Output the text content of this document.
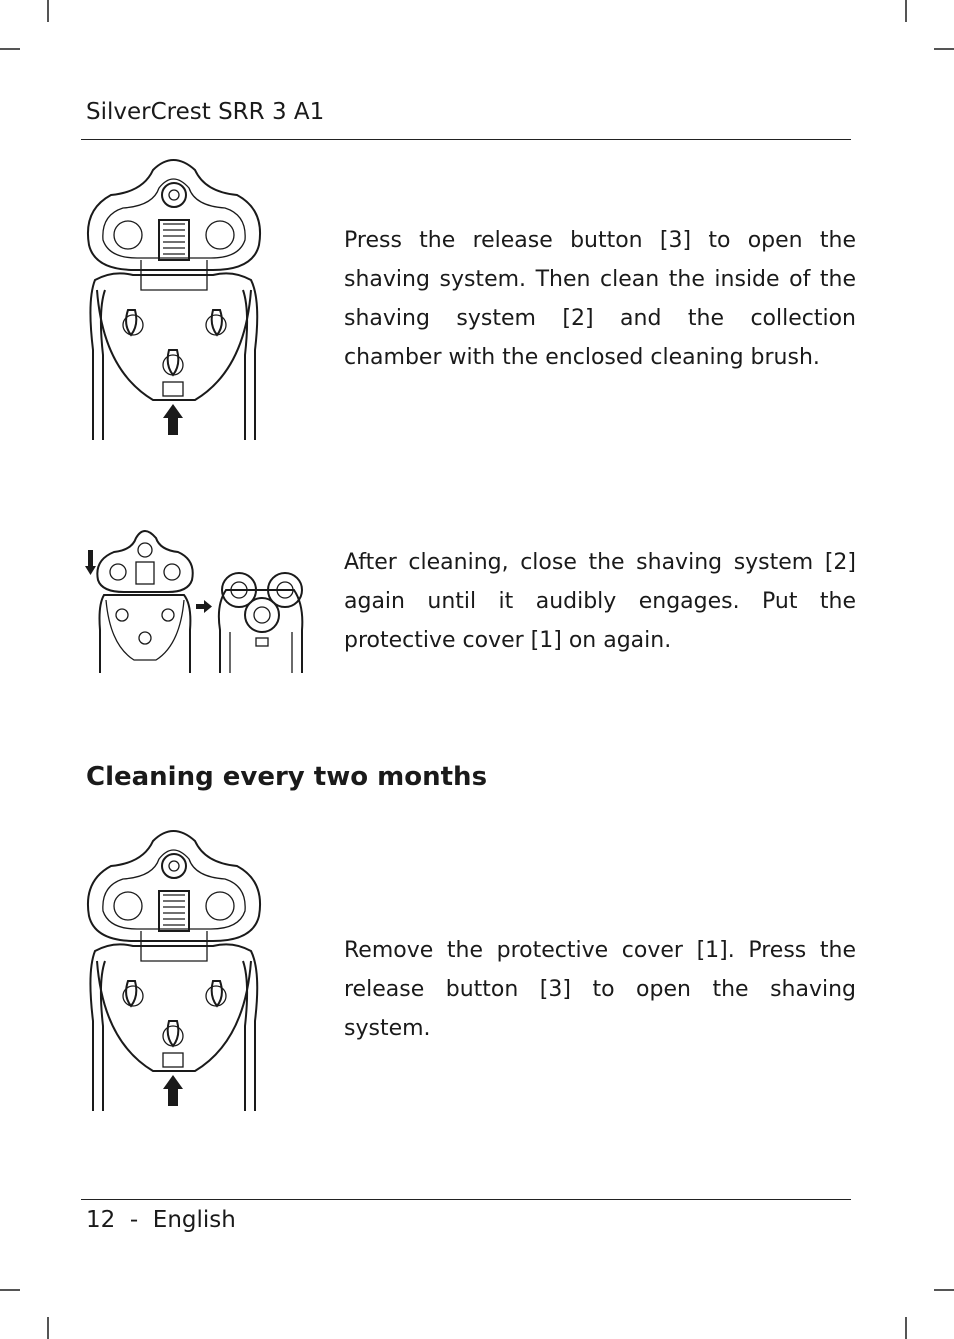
SilverCrest SRR 3 A1
Press the release button [3] to open the shaving system. Then clean the inside of the shaving system [2] and the collection chamber with the enclosed cleaning brush.
After cleaning, close the shaving system [2] again until it audibly engages. Put the protective cover [1] on again.
Cleaning every two months
Remove the protective cover [1]. Press the release button [3] to open the shaving system.
12  -  English
